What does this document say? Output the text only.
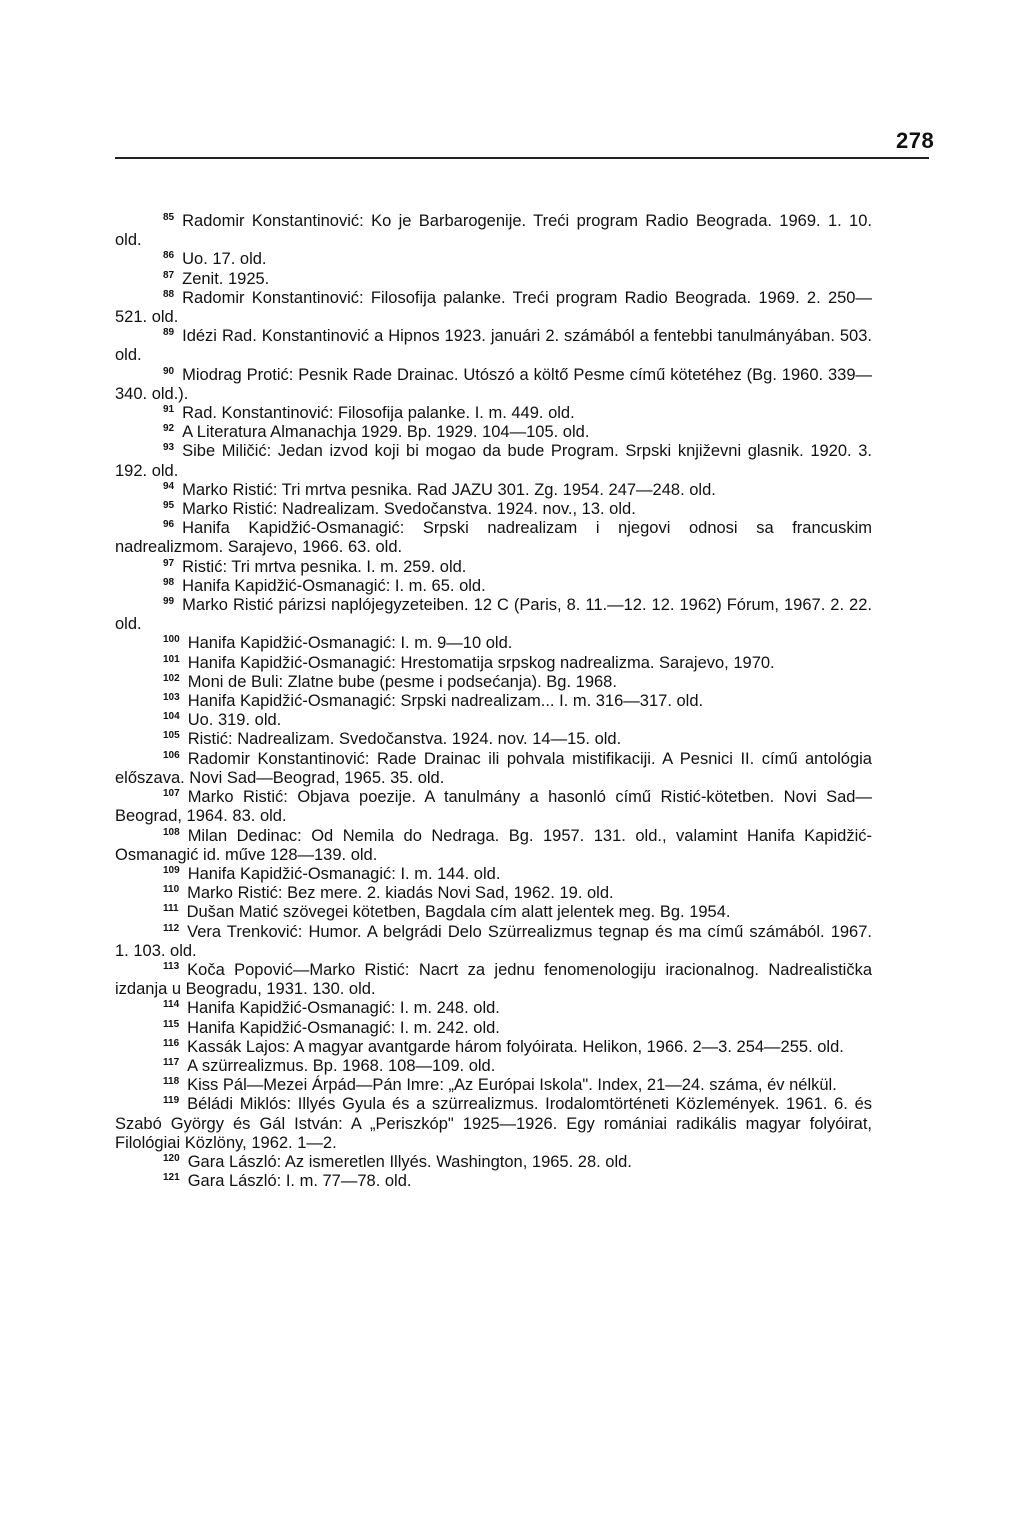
278

$^{85}$ Radomir Konstantinović: Ko je Barbarogenije. Treći program Radio Beograda. 1969. 1. 10. old.

$^{86}$ Uo. 17. old.

$^{87}$ Zenit. 1925.

$^{88}$ Radomir Konstantinović: Filosofija palanke. Treći program Radio Beograda. 1969. 2. 250—521. old.

$^{89}$ Idézi Rad. Konstantinović a Hipnos 1923. januári 2. számából a fentebbi tanulmányában. 503. old.

$^{90}$ Miodrag Protić: Pesnik Rade Drainac. Utószó a költő Pesme című kötetéhez (Bg. 1960. 339—340. old.).

$^{91}$ Rad. Konstantinović: Filosofija palanke. I. m. 449. old.

$^{92}$ A Literatura Almanachja 1929. Bp. 1929. 104—105. old.

$^{93}$ Sibe Miličić: Jedan izvod koji bi mogao da bude Program. Srpski književni glasnik. 1920. 3. 192. old.

$^{94}$ Marko Ristić: Tri mrtva pesnika. Rad JAZU 301. Zg. 1954. 247—248. old.

$^{95}$ Marko Ristić: Nadrealizam. Svedočanstva. 1924. nov., 13. old.

$^{96}$ Hanifa Kapidžić-Osmanagić: Srpski nadrealizam i njegovi odnosi sa francuskim nadrealizmom. Sarajevo, 1966. 63. old.

$^{97}$ Ristić: Tri mrtva pesnika. I. m. 259. old.

$^{98}$ Hanifa Kapidžić-Osmanagić: I. m. 65. old.

$^{99}$ Marko Ristić párizsi naplójegyzeteiben. 12 C (Paris, 8. 11.—12. 12. 1962) Fórum, 1967. 2. 22. old.

$^{100}$ Hanifa Kapidžić-Osmanagić: I. m. 9—10 old.

$^{101}$ Hanifa Kapidžić-Osmanagić: Hrestomatija srpskog nadrealizma. Sarajevo, 1970.

$^{102}$ Moni de Buli: Zlatne bube (pesme i podsećanja). Bg. 1968.

$^{103}$ Hanifa Kapidžić-Osmanagić: Srpski nadrealizam... I. m. 316—317. old.

$^{104}$ Uo. 319. old.

$^{105}$ Ristić: Nadrealizam. Svedočanstva. 1924. nov. 14—15. old.

$^{106}$ Radomir Konstantinović: Rade Drainac ili pohvala mistifikaciji. A Pesnici II. című antológia előszava. Novi Sad—Beograd, 1965. 35. old.

$^{107}$ Marko Ristić: Objava poezije. A tanulmány a hasonló című Ristić-kötetben. Novi Sad—Beograd, 1964. 83. old.

$^{108}$ Milan Dedinac: Od Nemila do Nedraga. Bg. 1957. 131. old., valamint Hanifa Kapidžić-Osmanagić id. műve 128—139. old.

$^{109}$ Hanifa Kapidžić-Osmanagić: I. m. 144. old.

$^{110}$ Marko Ristić: Bez mere. 2. kiadás Novi Sad, 1962. 19. old.

$^{111}$ Dušan Matić szövegei kötetben, Bagdala cím alatt jelentek meg. Bg. 1954.

$^{112}$ Vera Trenković: Humor. A belgrádi Delo Szürrealizmus tegnap és ma című számából. 1967. 1. 103. old.

$^{113}$ Koča Popović—Marko Ristić: Nacrt za jednu fenomenologiju iracionalnog. Nadrealistička izdanja u Beogradu, 1931. 130. old.

$^{114}$ Hanifa Kapidžić-Osmanagić: I. m. 248. old.

$^{115}$ Hanifa Kapidžić-Osmanagić: I. m. 242. old.

$^{116}$ Kassák Lajos: A magyar avantgarde három folyóirata. Helikon, 1966. 2—3. 254—255. old.

$^{117}$ A szürrealizmus. Bp. 1968. 108—109. old.

$^{118}$ Kiss Pál—Mezei Árpád—Pán Imre: „Az Európai Iskola". Index, 21—24. száma, év nélkül.

$^{119}$ Béládi Miklós: Illyés Gyula és a szürrealizmus. Irodalomtörténeti Közlemények. 1961. 6. és Szabó György és Gál István: A „Periszkóp" 1925—1926. Egy romániai radikális magyar folyóirat, Filológiai Közlöny, 1962. 1—2.

$^{120}$ Gara László: Az ismeretlen Illyés. Washington, 1965. 28. old.

$^{121}$ Gara László: I. m. 77—78. old.
